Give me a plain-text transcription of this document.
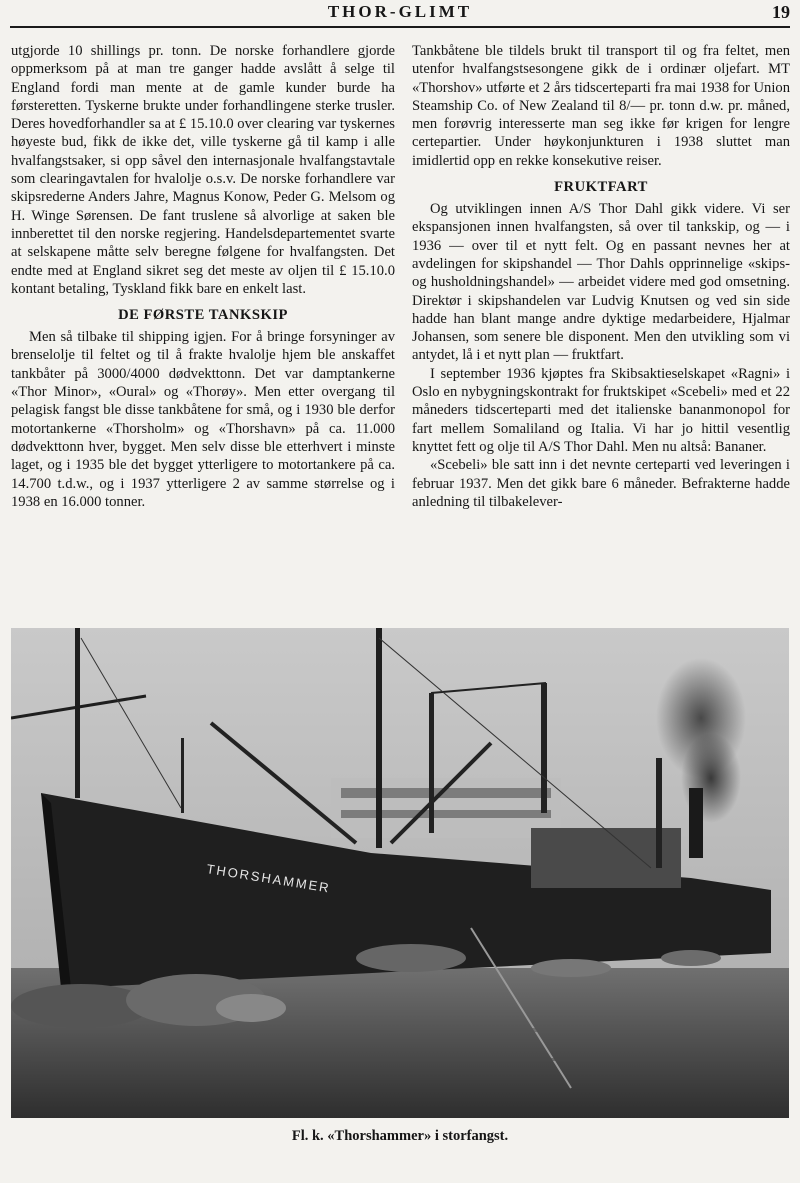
THOR-GLIMT	19

utgjorde 10 shillings pr. tonn. De norske forhandlere gjorde oppmerksom på at man tre ganger hadde avslått å selge til England fordi man mente at de gamle kunder burde ha førsteretten. Tyskerne brukte under forhandlingene sterke trusler. Deres hovedforhandler sa at £ 15.10.0 over clearing var tyskernes høyeste bud, fikk de ikke det, ville tyskerne gå til kamp i alle hvalfangstsaker, si opp såvel den internasjonale hvalfangstavtale som clearingavtalen for hvalolje o.s.v. De norske forhandlere var skipsrederne Anders Jahre, Magnus Konow, Peder G. Melsom og H. Winge Sørensen. De fant truslene så alvorlige at saken ble innberettet til den norske regjering. Handelsdepartementet svarte at selskapene måtte selv beregne følgene for hvalfangsten. Det endte med at England sikret seg det meste av oljen til £ 15.10.0 kontant betaling, Tyskland fikk bare en enkelt last.

DE FØRSTE TANKSKIP

Men så tilbake til shipping igjen. For å bringe forsyninger av brenselolje til feltet og til å frakte hvalolje hjem ble anskaffet tankbåter på 3000/4000 dødvekttonn. Det var damptankerne «Thor Minor», «Oural» og «Thorøy». Men etter overgang til pelagisk fangst ble disse tankbåtene for små, og i 1930 ble derfor motortankerne «Thorsholm» og «Thorshavn» på ca. 11.000 dødvekttonn hver, bygget. Men selv disse ble etterhvert i minste laget, og i 1935 ble det bygget ytterligere to motortankere på ca. 14.700 t.d.w., og i 1937 ytterligere 2 av samme størrelse og i 1938 en 16.000 tonner.

Tankbåtene ble tildels brukt til transport til og fra feltet, men utenfor hvalfangstsesongene gikk de i ordinær oljefart. MT «Thorshov» utførte et 2 års tidscerteparti fra mai 1938 for Union Steamship Co. of New Zealand til 8/— pr. tonn d.w. pr. måned, men forøvrig interesserte man seg ikke før krigen for lengre certepartier. Under høykonjunkturen i 1938 sluttet man imidlertid opp en rekke konsekutive reiser.

FRUKTFART

Og utviklingen innen A/S Thor Dahl gikk videre. Vi ser ekspansjonen innen hvalfangsten, så over til tankskip, og — i 1936 — over til et nytt felt. Og en passant nevnes her at avdelingen for skipshandel — Thor Dahls opprinnelige «skips- og husholdningshandel» — arbeidet videre med god omsetning. Direktør i skipshandelen var Ludvig Knutsen og ved sin side hadde han blant mange andre dyktige medarbeidere, Hjalmar Johansen, som senere ble disponent. Men den utvikling som vi antydet, lå i et nytt plan — fruktfart.

I september 1936 kjøptes fra Skibsaktieselskapet «Ragni» i Oslo en nybygningskontrakt for fruktskipet «Scebeli» med et 22 måneders tidscerteparti med det italienske bananmonopol for fart mellem Somaliland og Italia. Vi har jo hittil vesentlig knyttet fett og olje til A/S Thor Dahl. Men nu altså: Bananer.

«Scebeli» ble satt inn i det nevnte certeparti ved leveringen i februar 1937. Men det gikk bare 6 måneder. Befrakterne hadde anledning til tilbakelever-

THORSHAMMER
Fl. k. «Thorshammer» i storfangst.
